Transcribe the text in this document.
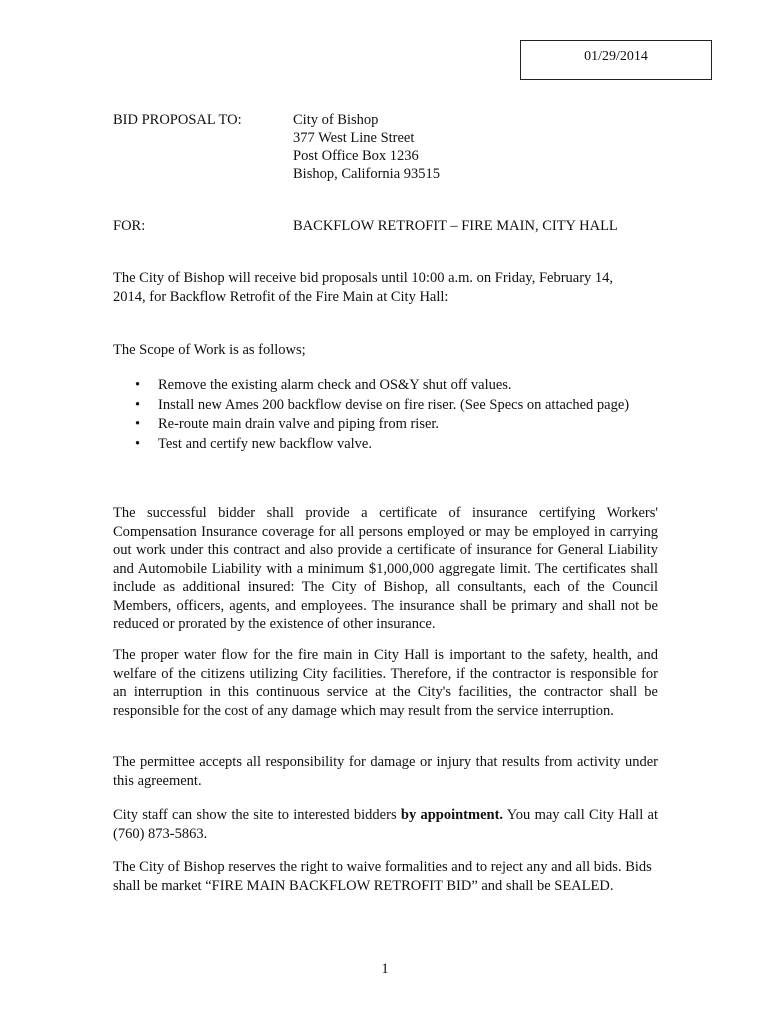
01/29/2014
BID PROPOSAL TO:	City of Bishop
377 West Line Street
Post Office Box 1236
Bishop, California 93515
FOR:	BACKFLOW RETROFIT – FIRE MAIN, CITY HALL
The City of Bishop will receive bid proposals until 10:00 a.m. on Friday, February 14, 2014, for Backflow Retrofit of the Fire Main at City Hall:
The Scope of Work is as follows;
• Remove the existing alarm check and OS&Y shut off values.
• Install new Ames 200 backflow devise on fire riser. (See Specs on attached page)
• Re-route main drain valve and piping from riser.
• Test and certify new backflow valve.
The successful bidder shall provide a certificate of insurance certifying Workers' Compensation Insurance coverage for all persons employed or may be employed in carrying out work under this contract and also provide a certificate of insurance for General Liability and Automobile Liability with a minimum $1,000,000 aggregate limit. The certificates shall include as additional insured: The City of Bishop, all consultants, each of the Council Members, officers, agents, and employees. The insurance shall be primary and shall not be reduced or prorated by the existence of other insurance.
The proper water flow for the fire main in City Hall is important to the safety, health, and welfare of the citizens utilizing City facilities. Therefore, if the contractor is responsible for an interruption in this continuous service at the City's facilities, the contractor shall be responsible for the cost of any damage which may result from the service interruption.
The permittee accepts all responsibility for damage or injury that results from activity under this agreement.
City staff can show the site to interested bidders by appointment. You may call City Hall at (760) 873-5863.
The City of Bishop reserves the right to waive formalities and to reject any and all bids. Bids shall be market “FIRE MAIN BACKFLOW RETROFIT BID” and shall be SEALED.
1
